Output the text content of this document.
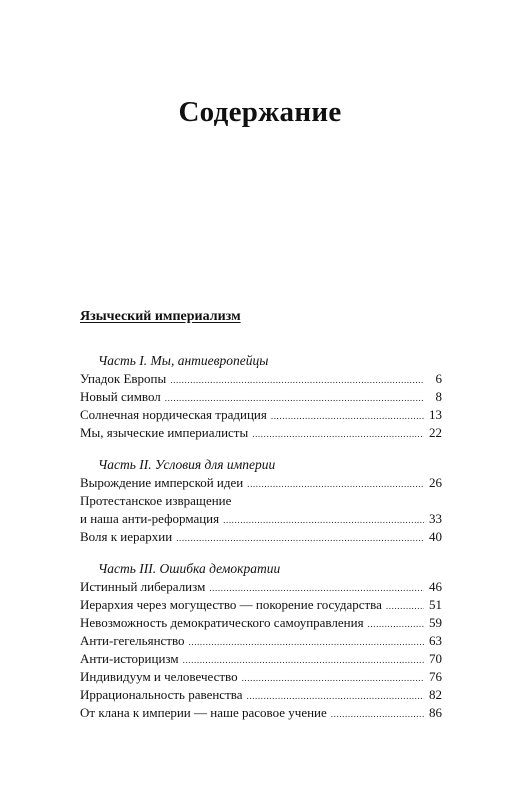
Содержание
Языческий империализм
Часть I. Мы, антиевропейцы
Упадок Европы .....	6
Новый символ .....	8
Солнечная нордическая традиция .....	13
Мы, языческие империалисты .....	22
Часть II. Условия для империи
Вырождение имперской идеи .....	26
Протестанское извращение
и наша анти-реформация .....	33
Воля к иерархии .....	40
Часть III. Ошибка демократии
Истинный либерализм .....	46
Иерархия через могущество — покорение государства .....	51
Невозможность демократического самоуправления .....	59
Анти-гегельянство .....	63
Анти-историцизм .....	70
Индивидуум и человечество .....	76
Иррациональность равенства .....	82
От клана к империи — наше расовое учение .....	86
